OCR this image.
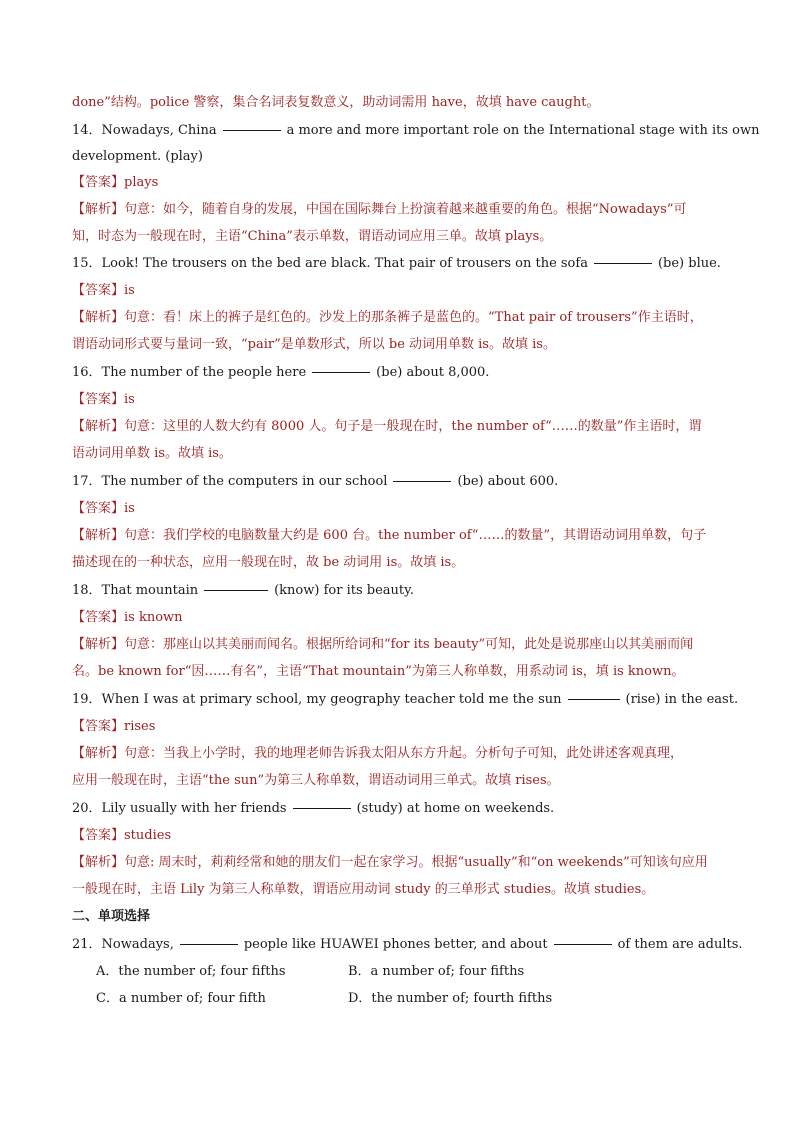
done”结构。police 警察，集合名词表复数意义，助动词需用 have，故填 have caught。
14．Nowadays, China	a more and more important role on the International stage with its own
development. (play)
【答案】plays
【解析】句意：如今，随着自身的发展，中国在国际舞台上扮演着越来越重要的角色。根据“Nowadays”可
知，时态为一般现在时，主语“China”表示单数，谓语动词应用三单。故填 plays。
15．Look! The trousers on the bed are black. That pair of trousers on the sofa	(be) blue.
【答案】is
【解析】句意：看！床上的裤子是红色的。沙发上的那条裤子是蓝色的。“That pair of trousers”作主语时，
谓语动词形式要与量词一致，“pair”是单数形式，所以 be 动词用单数 is。故填 is。
16．The number of the people here	(be) about 8,000.
【答案】is
【解析】句意：这里的人数大约有 8000 人。句子是一般现在时，the number of“……的数量”作主语时，谓
语动词用单数 is。故填 is。
17．The number of the computers in our school	(be) about 600.
【答案】is
【解析】句意：我们学校的电脑数量大约是 600 台。the number of“……的数量”，其谓语动词用单数，句子
描述现在的一种状态，应用一般现在时，故 be 动词用 is。故填 is。
18．That mountain	(know) for its beauty.
【答案】is known
【解析】句意：那座山以其美丽而闻名。根据所给词和“for its beauty”可知，此处是说那座山以其美丽而闻
名。be known for“因……有名”，主语“That mountain”为第三人称单数，用系动词 is，填 is known。
19．When I was at primary school, my geography teacher told me the sun	(rise) in the east.
【答案】rises
【解析】句意：当我上小学时，我的地理老师告诉我太阳从东方升起。分析句子可知，此处讲述客观真理，
应用一般现在时，主语“the sun”为第三人称单数，谓语动词用三单式。故填 rises。
20．Lily usually with her friends	(study) at home on weekends.
【答案】studies
【解析】句意: 周末时，莉莉经常和她的朋友们一起在家学习。根据“usually”和“on weekends”可知该句应用
一般现在时，主语 Lily 为第三人称单数，谓语应用动词 study 的三单形式 studies。故填 studies。
二、单项选择
21．Nowadays,	people like HUAWEI phones better, and about	of them are adults.
A．the number of; four fifths	B．a number of; four fifths
C．a number of; four fifth	D．the number of; fourth fifths
